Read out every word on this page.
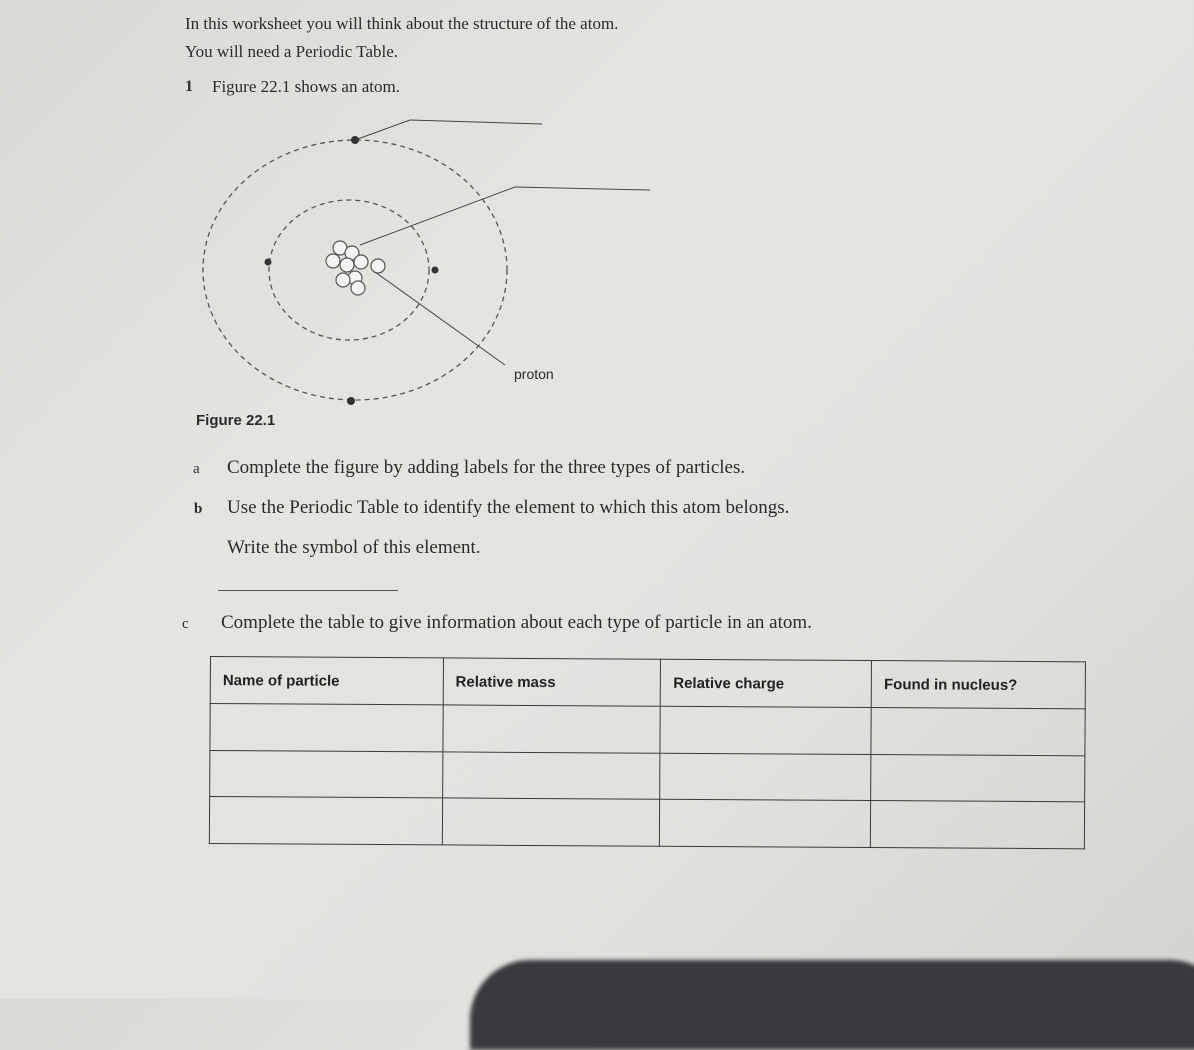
In this worksheet you will think about the structure of the atom.
You will need a Periodic Table.
1 Figure 22.1 shows an atom.
proton
Figure 22.1
a Complete the figure by adding labels for the three types of particles.
b Use the Periodic Table to identify the element to which this atom belongs.
Write the symbol of this element.
c Complete the table to give information about each type of particle in an atom.
Name of particle	Relative mass	Relative charge	Found in nucleus?
